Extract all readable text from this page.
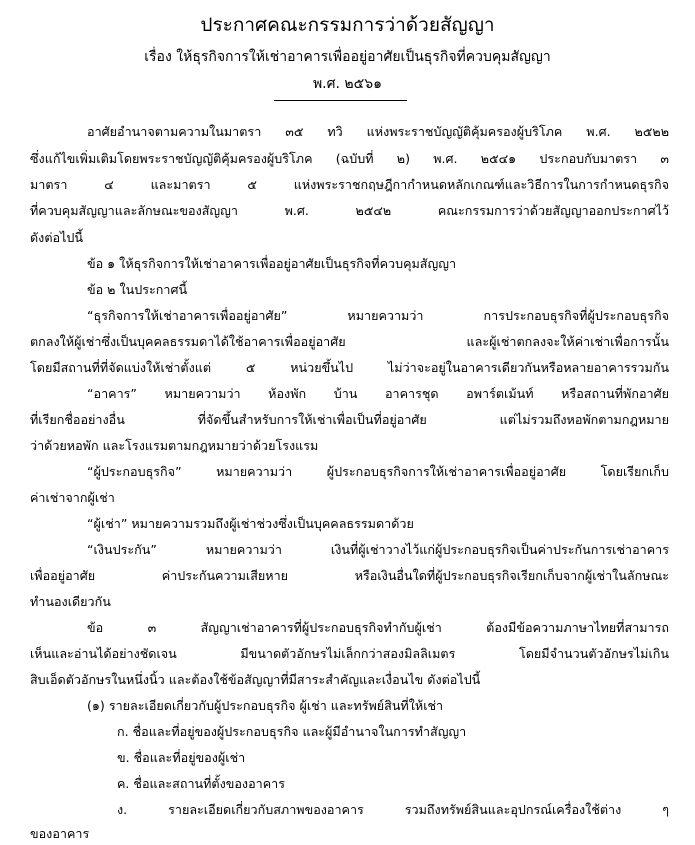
ประกาศคณะกรรมการว่าด้วยสัญญา
เรื่อง ให้ธุรกิจการให้เช่าอาคารเพื่ออยู่อาศัยเป็นธุรกิจที่ควบคุมสัญญา
พ.ศ. ๒๕๖๑
อาศัยอำนาจตามความในมาตรา ๓๕ ทวิ แห่งพระราชบัญญัติคุ้มครองผู้บริโภค พ.ศ. ๒๕๒๒
ซึ่งแก้ไขเพิ่มเติมโดยพระราชบัญญัติคุ้มครองผู้บริโภค (ฉบับที่ ๒) พ.ศ. ๒๕๔๑ ประกอบกับมาตรา ๓
มาตรา ๔ และมาตรา ๕ แห่งพระราชกฤษฎีกากำหนดหลักเกณฑ์และวิธีการในการกำหนดธุรกิจ
ที่ควบคุมสัญญาและลักษณะของสัญญา พ.ศ. ๒๕๔๒ คณะกรรมการว่าด้วยสัญญาออกประกาศไว้
ดังต่อไปนี้
ข้อ ๑ ให้ธุรกิจการให้เช่าอาคารเพื่ออยู่อาศัยเป็นธุรกิจที่ควบคุมสัญญา
ข้อ ๒ ในประกาศนี้
“ธุรกิจการให้เช่าอาคารเพื่ออยู่อาศัย” หมายความว่า การประกอบธุรกิจที่ผู้ประกอบธุรกิจ
ตกลงให้ผู้เช่าซึ่งเป็นบุคคลธรรมดาได้ใช้อาคารเพื่ออยู่อาศัย และผู้เช่าตกลงจะให้ค่าเช่าเพื่อการนั้น
โดยมีสถานที่ที่จัดแบ่งให้เช่าตั้งแต่ ๕ หน่วยขึ้นไป ไม่ว่าจะอยู่ในอาคารเดียวกันหรือหลายอาคารรวมกัน
“อาคาร” หมายความว่า ห้องพัก บ้าน อาคารชุด อพาร์ตเม้นท์ หรือสถานที่พักอาศัย
ที่เรียกชื่ออย่างอื่น ที่จัดขึ้นสำหรับการให้เช่าเพื่อเป็นที่อยู่อาศัย แต่ไม่รวมถึงหอพักตามกฎหมาย
ว่าด้วยหอพัก และโรงแรมตามกฎหมายว่าด้วยโรงแรม
“ผู้ประกอบธุรกิจ” หมายความว่า ผู้ประกอบธุรกิจการให้เช่าอาคารเพื่ออยู่อาศัย โดยเรียกเก็บ
ค่าเช่าจากผู้เช่า
“ผู้เช่า” หมายความรวมถึงผู้เช่าช่วงซึ่งเป็นบุคคลธรรมดาด้วย
“เงินประกัน” หมายความว่า เงินที่ผู้เช่าวางไว้แก่ผู้ประกอบธุรกิจเป็นค่าประกันการเช่าอาคาร
เพื่ออยู่อาศัย ค่าประกันความเสียหาย หรือเงินอื่นใดที่ผู้ประกอบธุรกิจเรียกเก็บจากผู้เช่าในลักษณะ
ทำนองเดียวกัน
ข้อ ๓ สัญญาเช่าอาคารที่ผู้ประกอบธุรกิจทำกับผู้เช่า ต้องมีข้อความภาษาไทยที่สามารถ
เห็นและอ่านได้อย่างชัดเจน มีขนาดตัวอักษรไม่เล็กกว่าสองมิลลิเมตร โดยมีจำนวนตัวอักษรไม่เกิน
สิบเอ็ดตัวอักษรในหนึ่งนิ้ว และต้องใช้ข้อสัญญาที่มีสาระสำคัญและเงื่อนไข ดังต่อไปนี้
(๑) รายละเอียดเกี่ยวกับผู้ประกอบธุรกิจ ผู้เช่า และทรัพย์สินที่ให้เช่า
ก. ชื่อและที่อยู่ของผู้ประกอบธุรกิจ และผู้มีอำนาจในการทำสัญญา
ข. ชื่อและที่อยู่ของผู้เช่า
ค. ชื่อและสถานที่ตั้งของอาคาร
ง. รายละเอียดเกี่ยวกับสภาพของอาคาร รวมถึงทรัพย์สินและอุปกรณ์เครื่องใช้ต่าง ๆ
ของอาคาร
